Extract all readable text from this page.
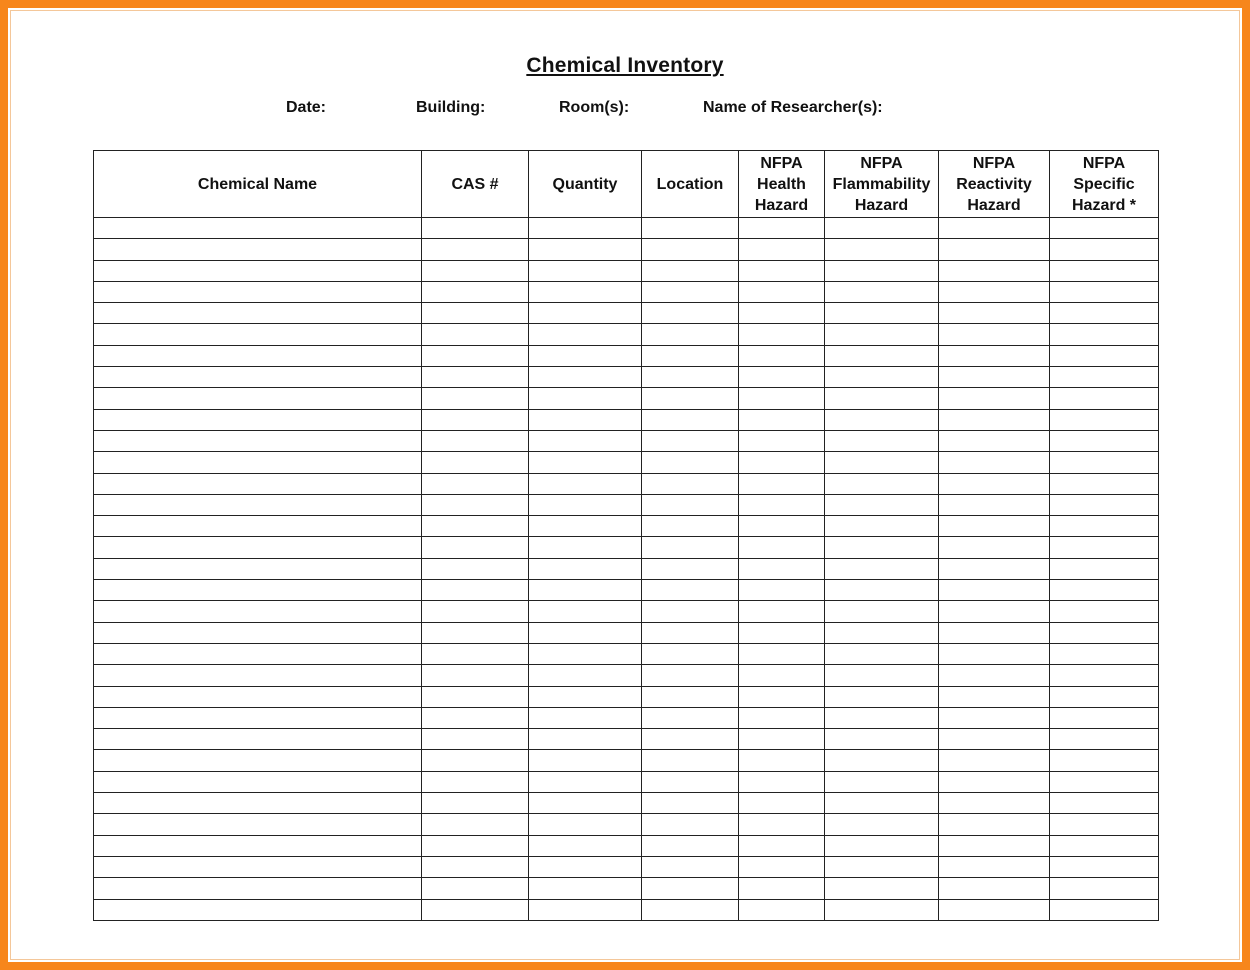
Chemical Inventory
Date:	Building:	Room(s):	Name of Researcher(s):
Chemical Name	CAS #	Quantity	Location	NFPA
Health
Hazard	NFPA
Flammability
Hazard	NFPA
Reactivity
Hazard	NFPA
Specific
Hazard *
